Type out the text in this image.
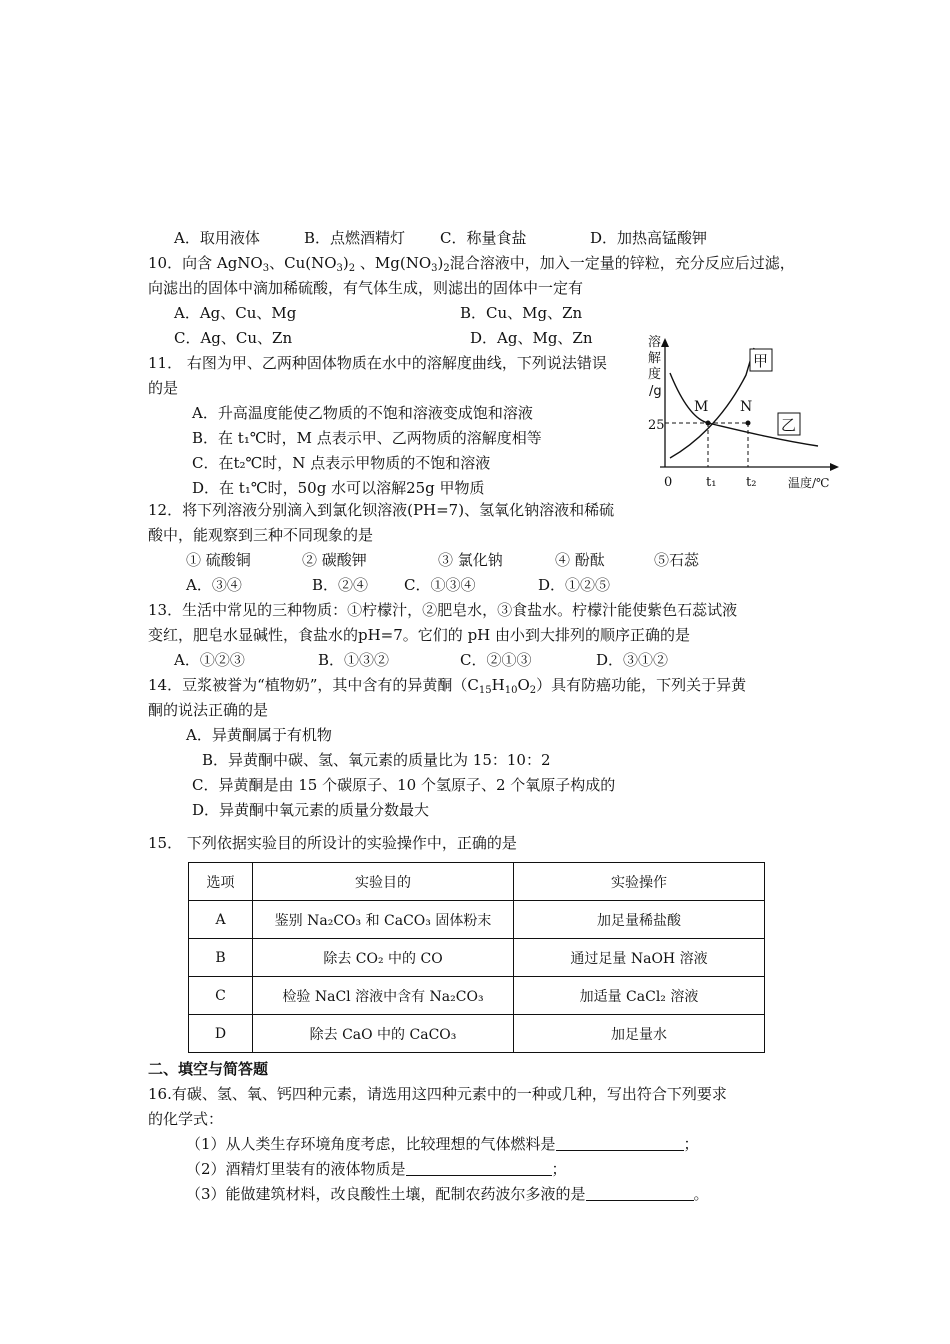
A．取用液体	B．点燃酒精灯 C．称量食盐	D．加热高锰酸钾
10．向含 AgNO$_3$、$Cu(NO_3)_2$ 、$Mg(NO_3)_2$混合溶液中，加入一定量的锌粒，充分反应后过滤，
向滤出的固体中滴加稀硫酸，有气体生成，则滤出的固体中一定有
A．Ag、Cu、Mg	B．Cu、Mg、Zn
C．Ag、Cu、Zn	D．Ag、Mg、Zn
11． 右图为甲、乙两种固体物质在水中的溶解度曲线，下列说法错误
的是
A．升高温度能使乙物质的不饱和溶液变成饱和溶液
B．在 t₁℃时，M 点表示甲、乙两物质的溶解度相等
C．在t₂℃时，N 点表示甲物质的不饱和溶液
D．在 t₁℃时，50g 水可以溶解25g 甲物质
溶
解
度
/g
25
0	t₁ t₂	温度/℃
M N
甲
乙
12．将下列溶液分别滴入到氯化钡溶液(PH=7)、氢氧化钠溶液和稀硫
酸中，能观察到三种不同现象的是
① 硫酸铜	② 碳酸钾	③ 氯化钠	④ 酚酞	⑤石蕊
A．③④	B．②④ C．①③④	D．①②⑤
13．生活中常见的三种物质：①柠檬汁，②肥皂水，③食盐水。柠檬汁能使紫色石蕊试液
变红，肥皂水显碱性，食盐水的pH=7。它们的 pH 由小到大排列的顺序正确的是
A．①②③	B．①③②	C．②①③	D．③①②
14．豆浆被誉为“植物奶”，其中含有的异黄酮$(C_{15}H_{10}O_2)$具有防癌功能，下列关于异黄
酮的说法正确的是
A．异黄酮属于有机物
B．异黄酮中碳、氢、氧元素的质量比为 15：10：2
C．异黄酮是由 15 个碳原子、10 个氢原子、2 个氧原子构成的
D．异黄酮中氧元素的质量分数最大
15． 下列依据实验目的所设计的实验操作中，正确的是
选项	实验目的	实验操作
A	鉴别 Na₂CO₃ 和 CaCO₃ 固体粉末	加足量稀盐酸
B	除去 CO₂ 中的 CO	通过足量 NaOH 溶液
C	检验 NaCl 溶液中含有 Na₂CO₃	加适量 CaCl₂ 溶液
D	除去 CaO 中的 CaCO₃	加足量水
二、填空与简答题
16.有碳、氢、氧、钙四种元素，请选用这四种元素中的一种或几种，写出符合下列要求
的化学式：
（1）从人类生存环境角度考虑，比较理想的气体燃料是	；
（2）酒精灯里装有的液体物质是	；
（3）能做建筑材料，改良酸性土壤，配制农药波尔多液的是	。
